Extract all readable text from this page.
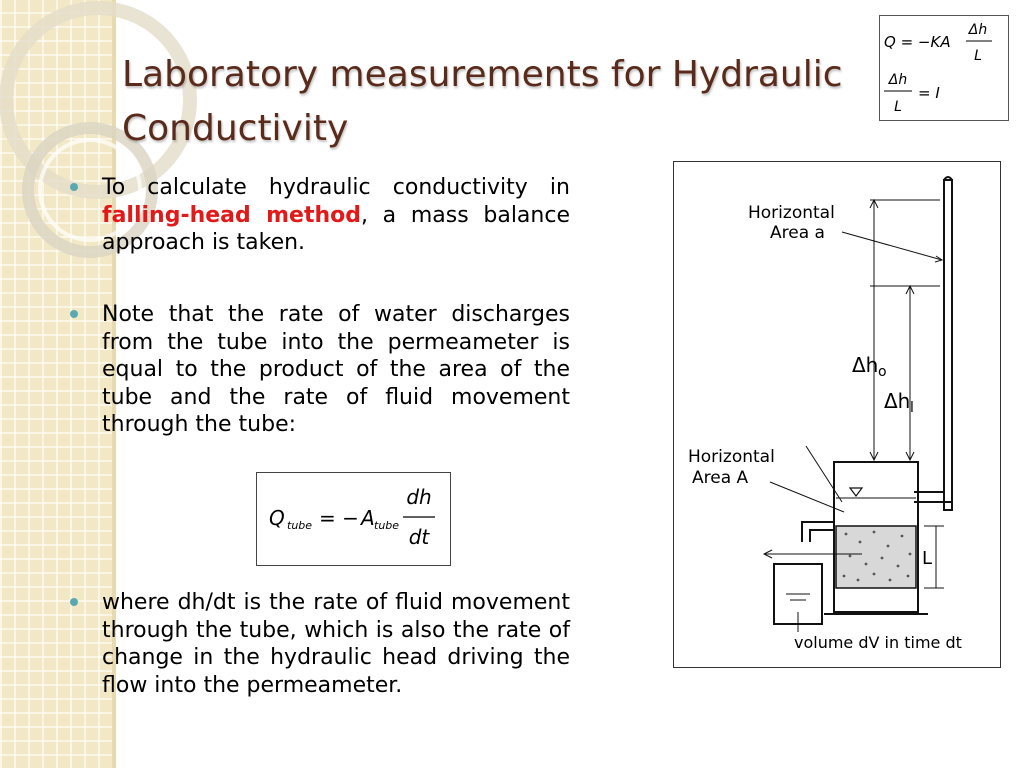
Laboratory measurements for Hydraulic Conductivity
Q = −KA
Δh
L
Δh
L
= I
To calculate hydraulic conductivity in falling-head method, a mass balance approach is taken.
Note that the rate of water discharges from the tube into the permeameter is equal to the product of the area of the tube and the rate of fluid movement through the tube:
Q tube = − A tube
dh
dt
where dh/dt is the rate of fluid movement through the tube, which is also the rate of change in the hydraulic head driving the flow into the permeameter.
Horizontal
Area a
Δh o
Δh l
Horizontal
Area A
L
volume dV in time dt
